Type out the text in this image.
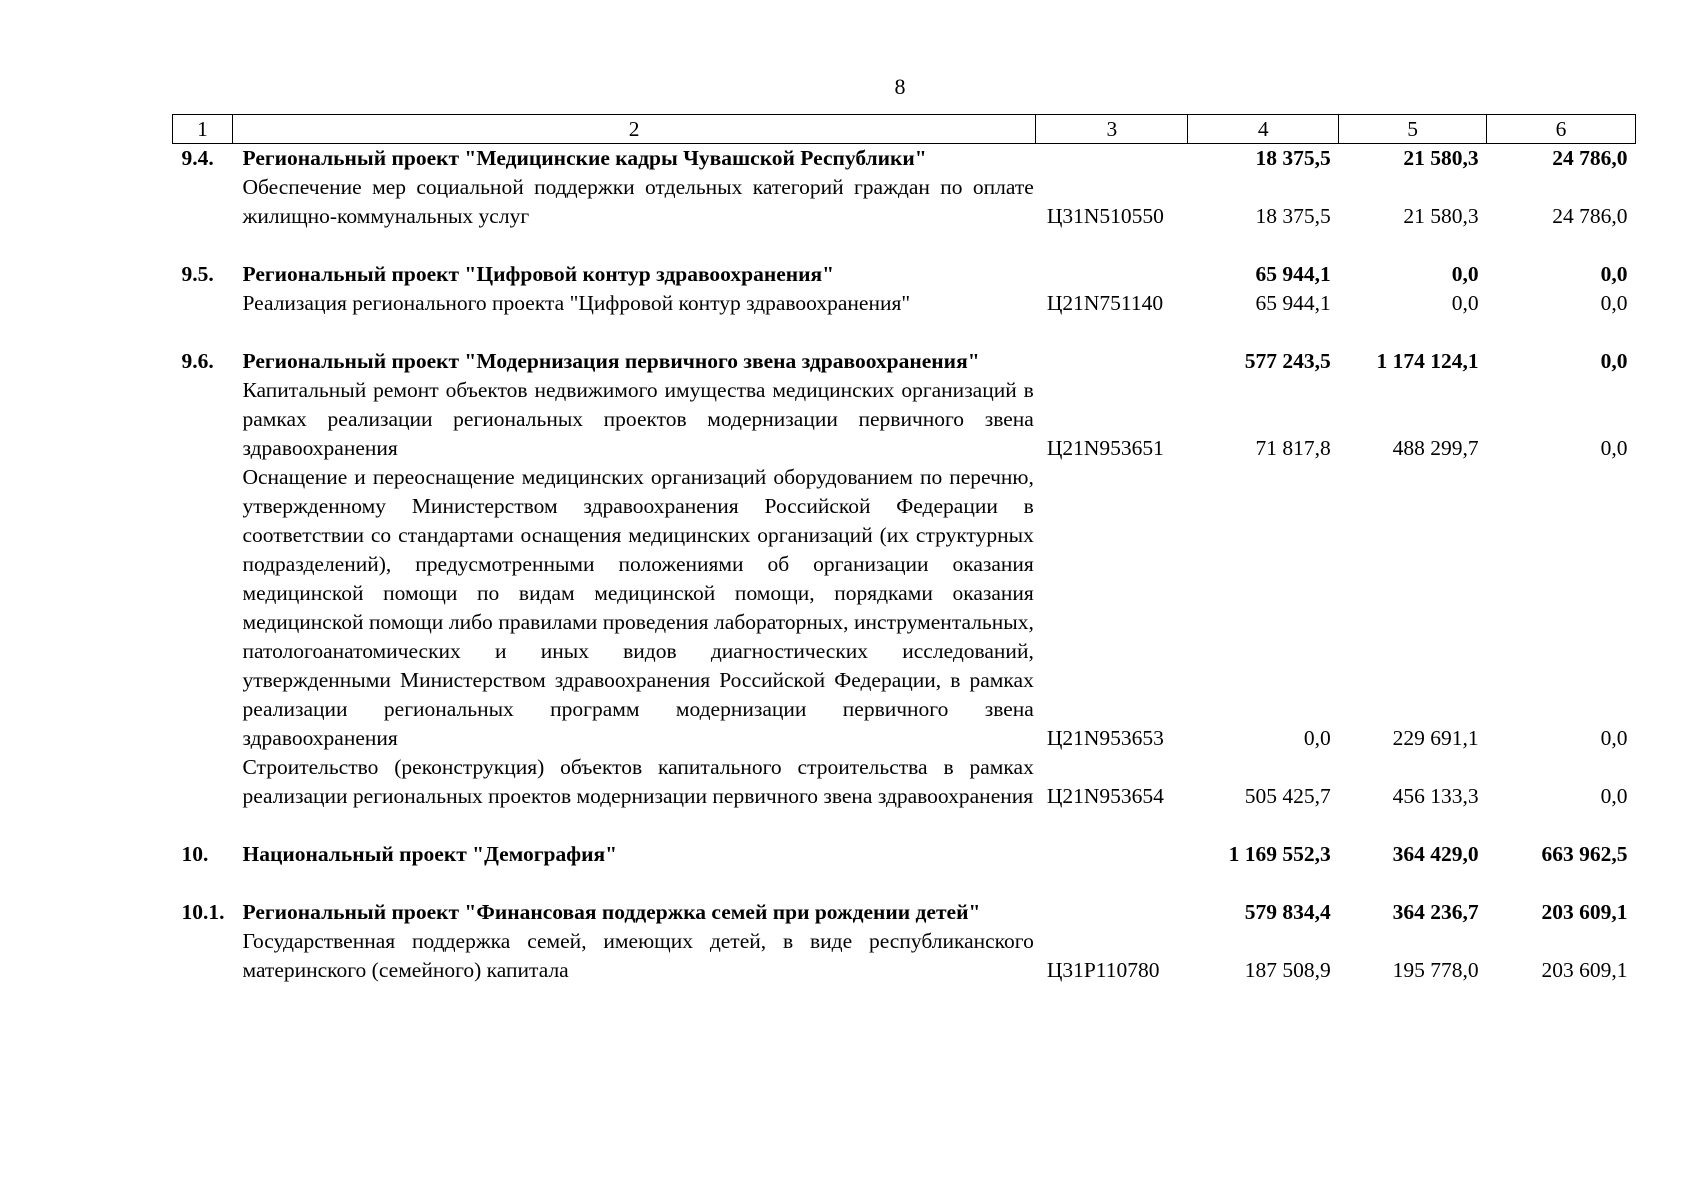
8
1	2	3	4	5	6
9.4.	Региональный проект "Медицинские кадры Чувашской Республики"		18 375,5	21 580,3	24 786,0
	Обеспечение мер социальной поддержки отдельных категорий граждан по оплате жилищно-коммунальных услуг	Ц31N510550	18 375,5	21 580,3	24 786,0

9.5.	Региональный проект "Цифровой контур здравоохранения"		65 944,1	0,0	0,0
	Реализация регионального проекта "Цифровой контур здравоохранения"	Ц21N751140	65 944,1	0,0	0,0

9.6.	Региональный проект "Модернизация первичного звена здравоохранения"		577 243,5	1 174 124,1	0,0
	Капитальный ремонт объектов недвижимого имущества медицинских организаций в рамках реализации региональных проектов модернизации первичного звена здравоохранения	Ц21N953651	71 817,8	488 299,7	0,0
	Оснащение и переоснащение медицинских организаций оборудованием по перечню, утвержденному Министерством здравоохранения Российской Федерации в соответствии со стандартами оснащения медицинских организаций (их структурных подразделений), предусмотренными положениями об организации оказания медицинской помощи по видам медицинской помощи, порядками оказания медицинской помощи либо правилами проведения лабораторных, инструментальных, патологоанатомических и иных видов диагностических исследований, утвержденными Министерством здравоохранения Российской Федерации, в рамках реализации региональных программ модернизации первичного звена здравоохранения	Ц21N953653	0,0	229 691,1	0,0
	Строительство (реконструкция) объектов капитального строительства в рамках реализации региональных проектов модернизации первичного звена здравоохранения	Ц21N953654	505 425,7	456 133,3	0,0

10.	Национальный проект "Демография"		1 169 552,3	364 429,0	663 962,5

10.1.	Региональный проект "Финансовая поддержка семей при рождении детей"		579 834,4	364 236,7	203 609,1
	Государственная поддержка семей, имеющих детей, в виде республиканского материнского (семейного) капитала	Ц31P110780	187 508,9	195 778,0	203 609,1
